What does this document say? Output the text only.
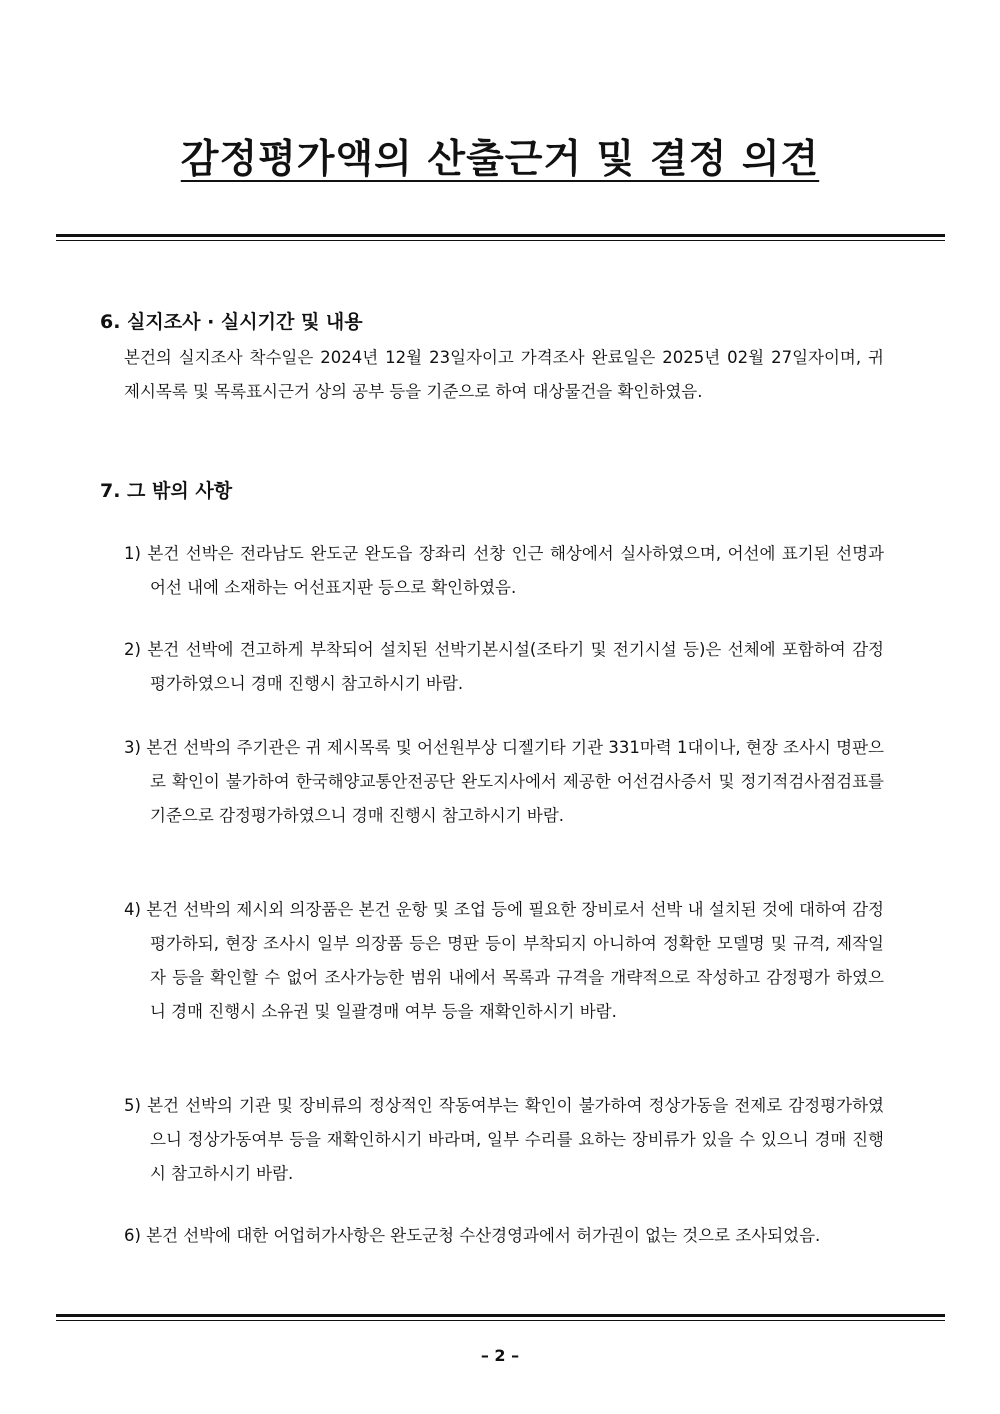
감정평가액의 산출근거 및 결정 의견
6. 실지조사 · 실시기간 및 내용

본건의 실지조사 착수일은 2024년 12월 23일자이고 가격조사 완료일은 2025년 02월 27일자이며, 귀 제시목록 및 목록표시근거 상의 공부 등을 기준으로 하여 대상물건을 확인하였음.

7. 그 밖의 사항

1) 본건 선박은 전라남도 완도군 완도읍 장좌리 선창 인근 해상에서 실사하였으며, 어선에 표기된 선명과 어선 내에 소재하는 어선표지판 등으로 확인하였음.

2) 본건 선박에 견고하게 부착되어 설치된 선박기본시설(조타기 및 전기시설 등)은 선체에 포함하여 감정평가하였으니 경매 진행시 참고하시기 바람.

3) 본건 선박의 주기관은 귀 제시목록 및 어선원부상 디젤기타 기관 331마력 1대이나, 현장 조사시 명판으로 확인이 불가하여 한국해양교통안전공단 완도지사에서 제공한 어선검사증서 및 정기적검사점검표를 기준으로 감정평가하였으니 경매 진행시 참고하시기 바람.

4) 본건 선박의 제시외 의장품은 본건 운항 및 조업 등에 필요한 장비로서 선박 내 설치된 것에 대하여 감정평가하되, 현장 조사시 일부 의장품 등은 명판 등이 부착되지 아니하여 정확한 모델명 및 규격, 제작일자 등을 확인할 수 없어 조사가능한 범위 내에서 목록과 규격을 개략적으로 작성하고 감정평가 하였으니 경매 진행시 소유권 및 일괄경매 여부 등을 재확인하시기 바람.

5) 본건 선박의 기관 및 장비류의 정상적인 작동여부는 확인이 불가하여 정상가동을 전제로 감정평가하였으니 정상가동여부 등을 재확인하시기 바라며, 일부 수리를 요하는 장비류가 있을 수 있으니 경매 진행시 참고하시기 바람.

6) 본건 선박에 대한 어업허가사항은 완도군청 수산경영과에서 허가권이 없는 것으로 조사되었음.

– 2 –
